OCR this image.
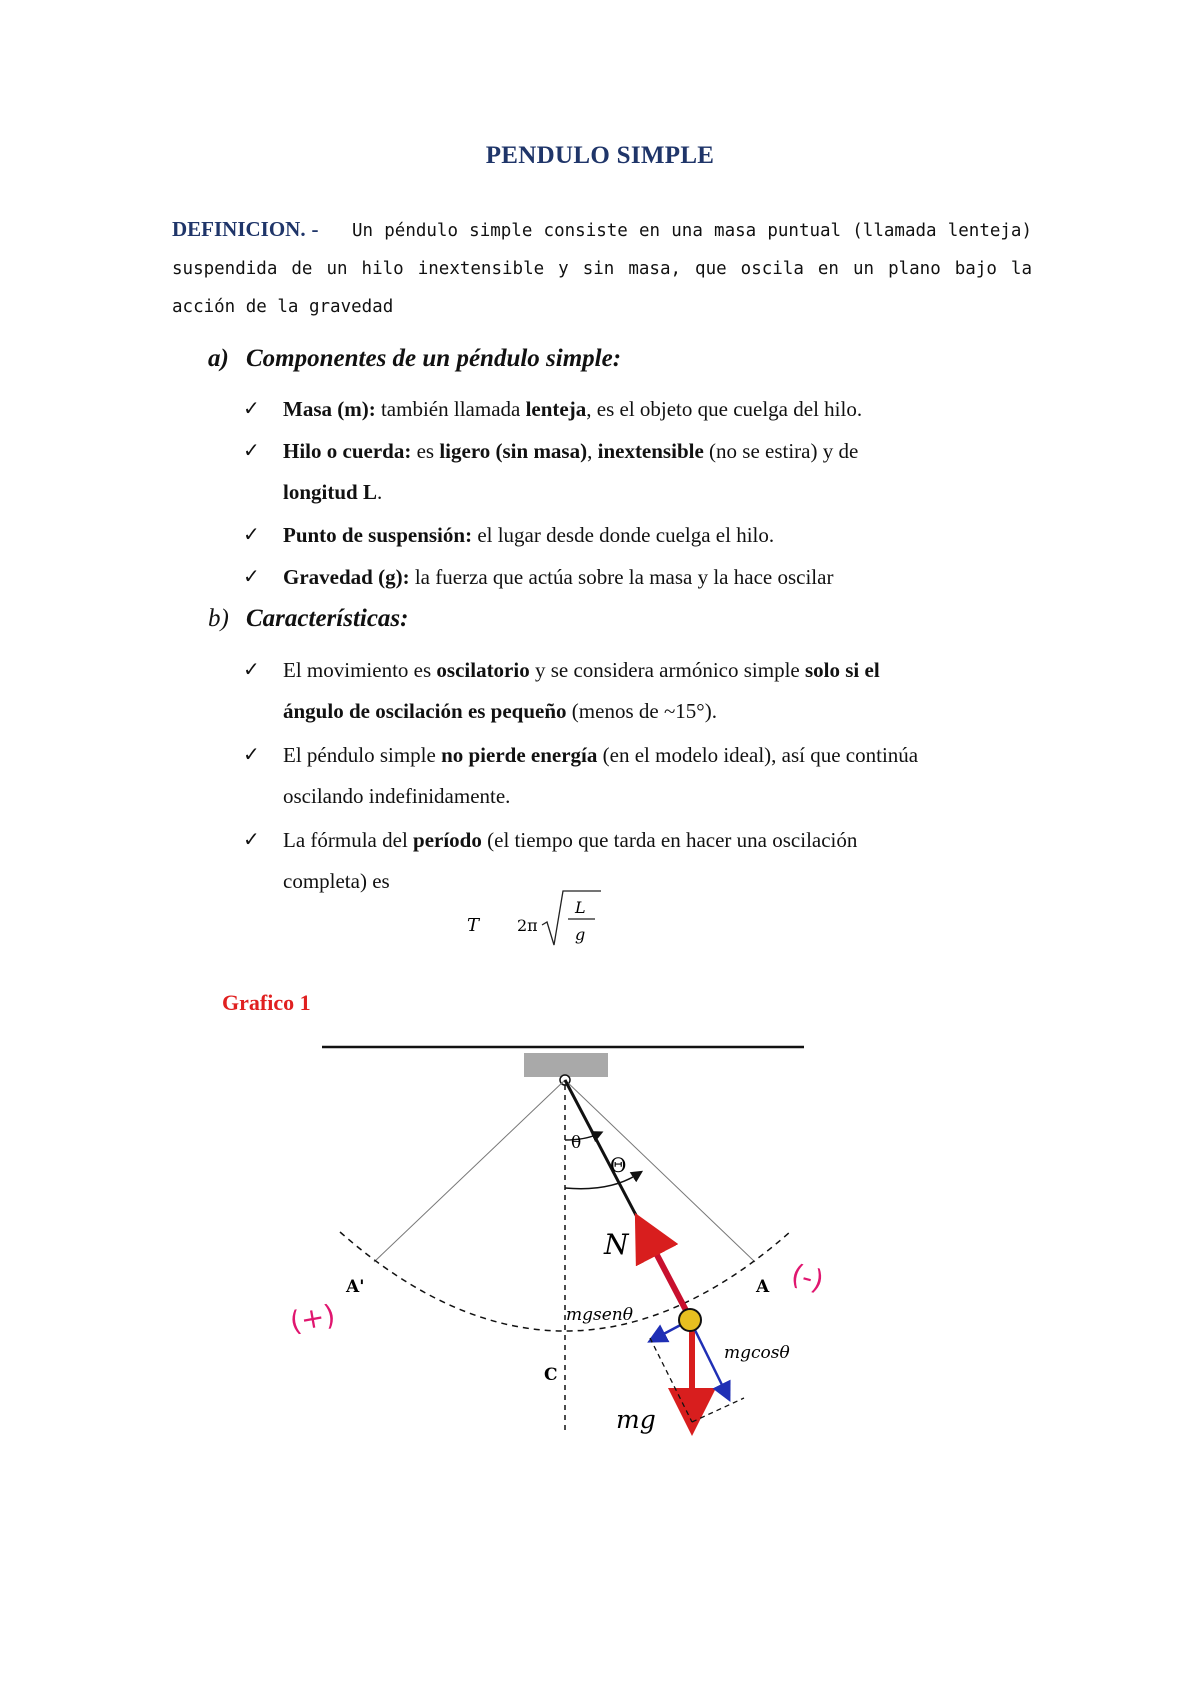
PENDULO SIMPLE
DEFINICION. - Un péndulo simple consiste en una masa puntual (llamada lenteja) suspendida de un hilo inextensible y sin masa, que oscila en un plano bajo la acción de la gravedad
a) Componentes de un péndulo simple:
✓ Masa (m): también llamada lenteja, es el objeto que cuelga del hilo.
✓ Hilo o cuerda: es ligero (sin masa), inextensible (no se estira) y de
longitud L.
✓ Punto de suspensión: el lugar desde donde cuelga el hilo.
✓ Gravedad (g): la fuerza que actúa sobre la masa y la hace oscilar
b) Características:
✓ El movimiento es oscilatorio y se considera armónico simple solo si el
ángulo de oscilación es pequeño (menos de ~15°).
✓ El péndulo simple no pierde energía (en el modelo ideal), así que continúa
oscilando indefinidamente.
✓ La fórmula del período (el tiempo que tarda en hacer una oscilación
completa) es
T 2π
L
g
Grafico 1
θ
Θ
N
A'	A
C
mgsenθ
mgcosθ
mg
(+)
(-)
